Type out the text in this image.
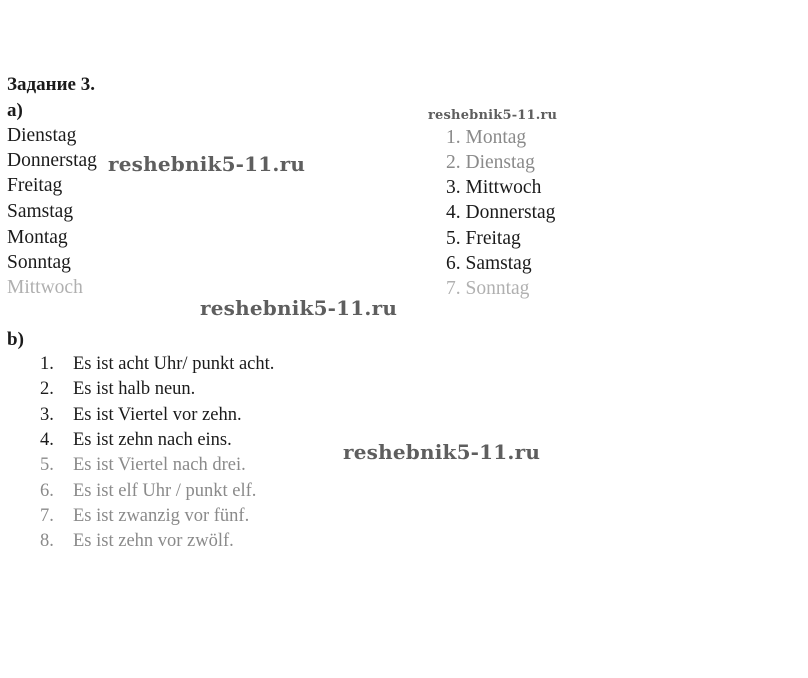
Задание 3.
a)
Dienstag
Donnerstag
Freitag
Samstag
Montag
Sonntag
Mittwoch
1. Montag
2. Dienstag
3. Mittwoch
4. Donnerstag
5. Freitag
6. Samstag
7. Sonntag
b)
1. Es ist acht Uhr/ punkt acht.
2. Es ist halb neun.
3. Es ist Viertel vor zehn.
4. Es ist zehn nach eins.
5. Es ist Viertel nach drei.
6. Es ist elf Uhr / punkt elf.
7. Es ist zwanzig vor fünf.
8. Es ist zehn vor zwölf.
reshebnik5-11.ru
reshebnik5-11.ru
reshebnik5-11.ru
reshebnik5-11.ru
